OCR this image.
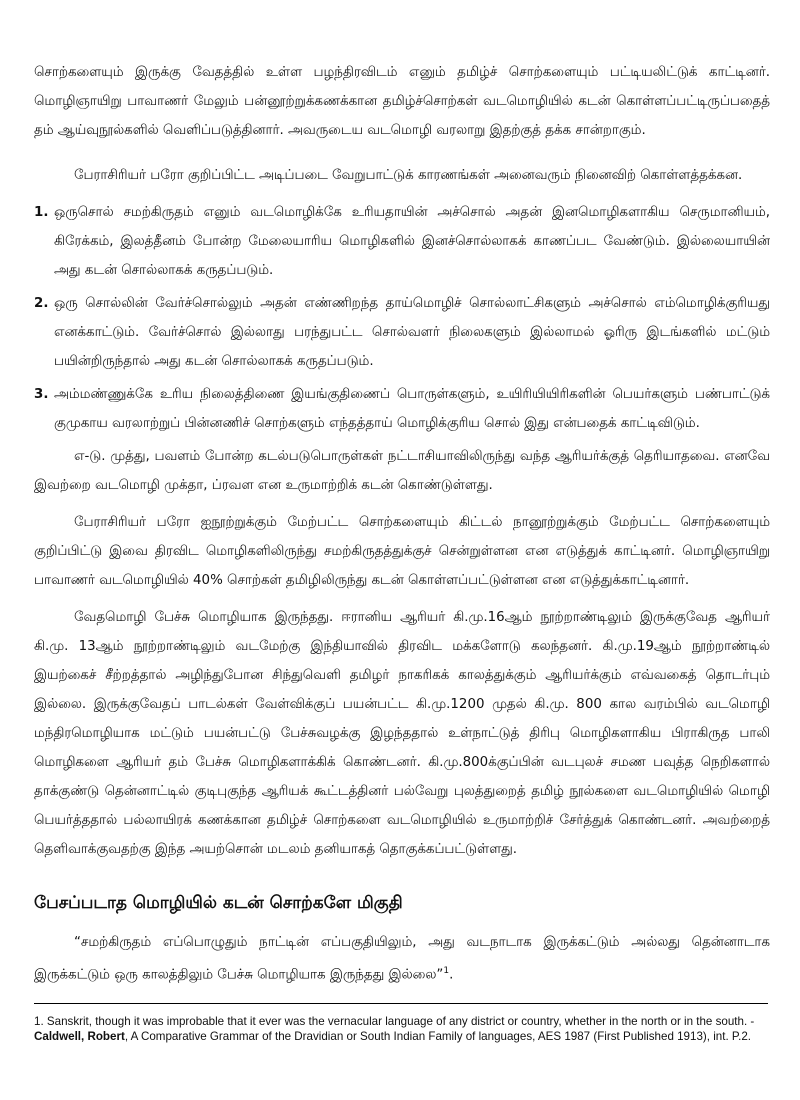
சொற்களையும் இருக்கு வேதத்தில் உள்ள பழந்திரவிடம் எனும் தமிழ்ச் சொற்களையும் பட்டியலிட்டுக் காட்டினர். மொழிஞாயிறு பாவாணர் மேலும் பன்னூற்றுக்கணக்கான தமிழ்ச்சொற்கள் வடமொழியில் கடன் கொள்ளப்பட்டிருப்பதைத் தம் ஆய்வுநூல்களில் வெளிப்படுத்தினார். அவருடைய வடமொழி வரலாறு இதற்குத் தக்க சான்றாகும்.

பேராசிரியர் பரோ குறிப்பிட்ட அடிப்படை வேறுபாட்டுக் காரணங்கள் அனைவரும் நினைவிற் கொள்ளத்தக்கன.

1. ஒருசொல் சமற்கிருதம் எனும் வடமொழிக்கே உரியதாயின் அச்சொல் அதன் இனமொழிகளாகிய செருமானியம், கிரேக்கம், இலத்தீனம் போன்ற மேலையாரிய மொழிகளில் இனச்சொல்லாகக் காணப்பட வேண்டும். இல்லையாயின் அது கடன் சொல்லாகக் கருதப்படும்.

2. ஒரு சொல்லின் வேர்ச்சொல்லும் அதன் எண்ணிறந்த தாய்மொழிச் சொல்லாட்சிகளும் அச்சொல் எம்மொழிக்குரியது எனக்காட்டும். வேர்ச்சொல் இல்லாது பரந்துபட்ட சொல்வளர் நிலைகளும் இல்லாமல் ஓரிரு இடங்களில் மட்டும் பயின்றிருந்தால் அது கடன் சொல்லாகக் கருதப்படும்.

3. அம்மண்ணுக்கே உரிய நிலைத்திணை இயங்குதிணைப் பொருள்களும், உயிரியியிரிகளின் பெயர்களும் பண்பாட்டுக் குமுகாய வரலாற்றுப் பின்னணிச் சொற்களும் எந்தத்தாய் மொழிக்குரிய சொல் இது என்பதைக் காட்டிவிடும்.

எ-டு. முத்து, பவளம் போன்ற கடல்படுபொருள்கள் நட்டாசியாவிலிருந்து வந்த ஆரியர்க்குத் தெரியாதவை. எனவே இவற்றை வடமொழி முக்தா, ப்ரவள என உருமாற்றிக் கடன் கொண்டுள்ளது.

பேராசிரியர் பரோ ஐநூற்றுக்கும் மேற்பட்ட சொற்களையும் கிட்டல் நானூற்றுக்கும் மேற்பட்ட சொற்களையும் குறிப்பிட்டு இவை திரவிட மொழிகளிலிருந்து சமற்கிருதத்துக்குச் சென்றுள்ளன என எடுத்துக் காட்டினர். மொழிஞாயிறு பாவாணர் வடமொழியில் 40% சொற்கள் தமிழிலிருந்து கடன் கொள்ளப்பட்டுள்ளன என எடுத்துக்காட்டினார்.

வேதமொழி பேச்சு மொழியாக இருந்தது. ஈரானிய ஆரியர் கி.மு.16ஆம் நூற்றாண்டிலும் இருக்குவேத ஆரியர் கி.மு. 13ஆம் நூற்றாண்டிலும் வடமேற்கு இந்தியாவில் திரவிட மக்களோடு கலந்தனர். கி.மு.19ஆம் நூற்றாண்டில் இயற்கைச் சீற்றத்தால் அழிந்துபோன சிந்துவெளி தமிழர் நாகரிகக் காலத்துக்கும் ஆரியர்க்கும் எவ்வகைத் தொடர்பும் இல்லை. இருக்குவேதப் பாடல்கள் வேள்விக்குப் பயன்பட்ட கி.மு.1200 முதல் கி.மு. 800 கால வரம்பில் வடமொழி மந்திரமொழியாக மட்டும் பயன்பட்டு பேச்சுவழக்கு இழந்ததால் உள்நாட்டுத் திரிபு மொழிகளாகிய பிராகிருத பாலி மொழிகளை ஆரியர் தம் பேச்சு மொழிகளாக்கிக் கொண்டனர். கி.மு.800க்குப்பின் வடபுலச் சமண பவுத்த நெறிகளால் தாக்குண்டு தென்னாட்டில் குடிபுகுந்த ஆரியக் கூட்டத்தினர் பல்வேறு புலத்துறைத் தமிழ் நூல்களை வடமொழியில் மொழி பெயர்த்ததால் பல்லாயிரக் கணக்கான தமிழ்ச் சொற்களை வடமொழியில் உருமாற்றிச் சேர்த்துக் கொண்டனர். அவற்றைத் தெளிவாக்குவதற்கு இந்த அயற்சொன் மடலம் தனியாகத் தொகுக்கப்பட்டுள்ளது.

பேசப்படாத மொழியில் கடன் சொற்களே மிகுதி

“சமற்கிருதம் எப்பொழுதும் நாட்டின் எப்பகுதியிலும், அது வடநாடாக இருக்கட்டும் அல்லது தென்னாடாக இருக்கட்டும் ஒரு காலத்திலும் பேச்சு மொழியாக இருந்தது இல்லை”$^1$.

1. Sanskrit, though it was improbable that it ever was the vernacular language of any district or country, whether in the north or in the south. - Caldwell, Robert, A Comparative Grammar of the Dravidian or South Indian Family of languages, AES 1987 (First Published 1913), int. P.2.
